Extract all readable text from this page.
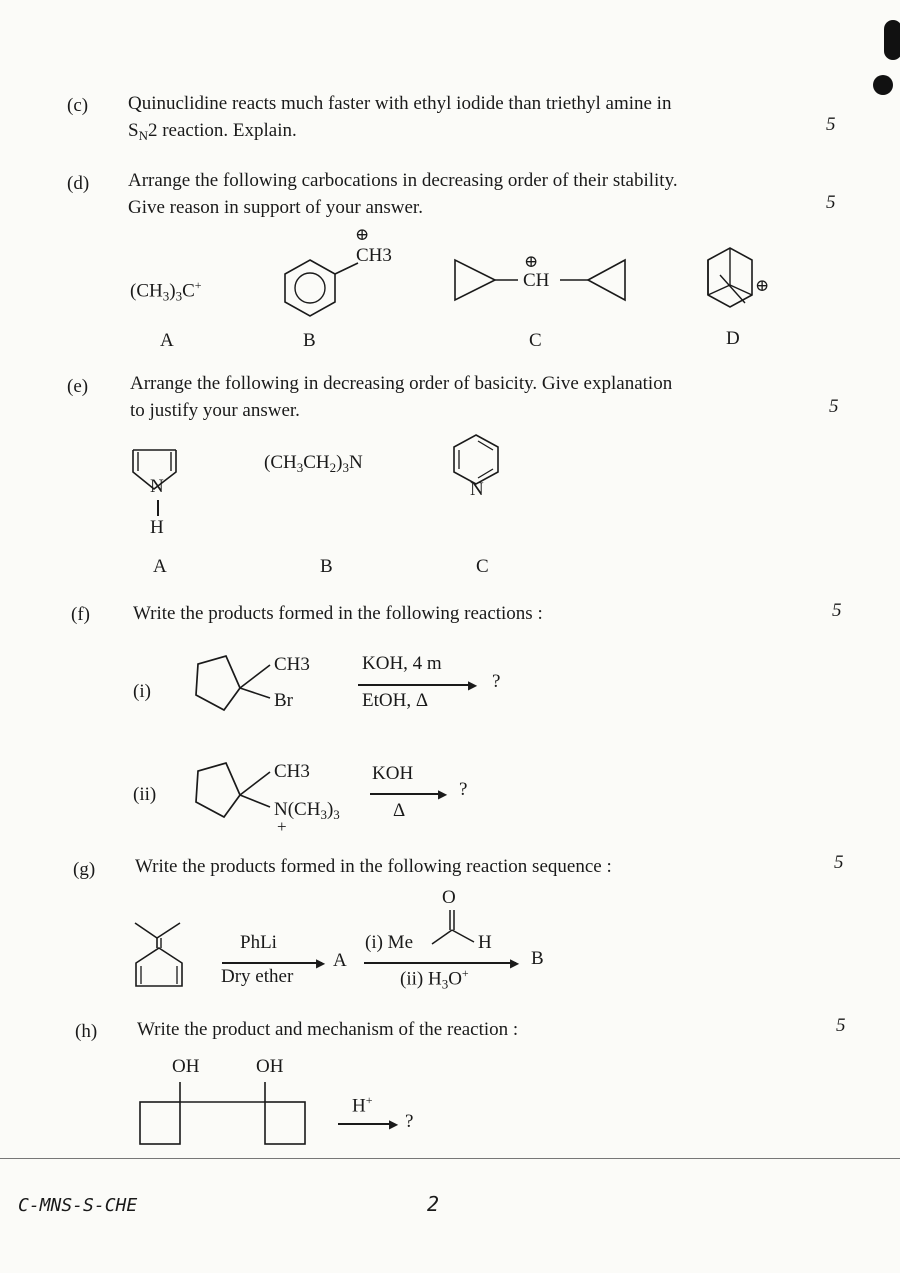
(c) Quinuclidine reacts much faster with ethyl iodide than triethyl amine in
$S_N2$ reaction. Explain.	5
(d) Arrange the following carbocations in decreasing order of their stability.
Give reason in support of your answer.	5
$(CH_3)_3C^+$
⊕
CH3	⊕
CH	⊕
A	B	C	D
(e) Arrange the following in decreasing order of basicity. Give explanation
to justify your answer.	5
N
H
$(CH_3CH_2)_3N$
N
A	B	C
(f) Write the products formed in the following reactions :	5
(i)
CH3
Br
KOH, 4 m
▶
EtOH, Δ
?
(ii)
CH3
$N(CH_3)_3$
+
KOH
▶
Δ
?
(g) Write the products formed in the following reaction sequence :	5
PhLi
▶
Dry ether
A
O
(i) Me	H
▶
(ii) $H_3O^+$
B
(h) Write the product and mechanism of the reaction :	5
OH	OH
H+
▶ ?
C-MNS-S-CHE	2
